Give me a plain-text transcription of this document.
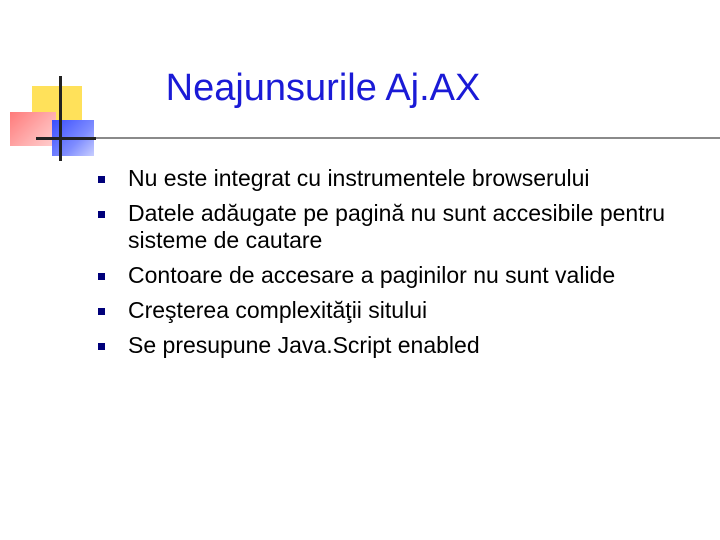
Neajunsurile Aj.AX
Nu este integrat cu instrumentele browserului
Datele adăugate pe pagină nu sunt accesibile pentru sisteme de cautare
Contoare de accesare a paginilor nu sunt valide
Creşterea complexităţii sitului
Se presupune Java.Script enabled
